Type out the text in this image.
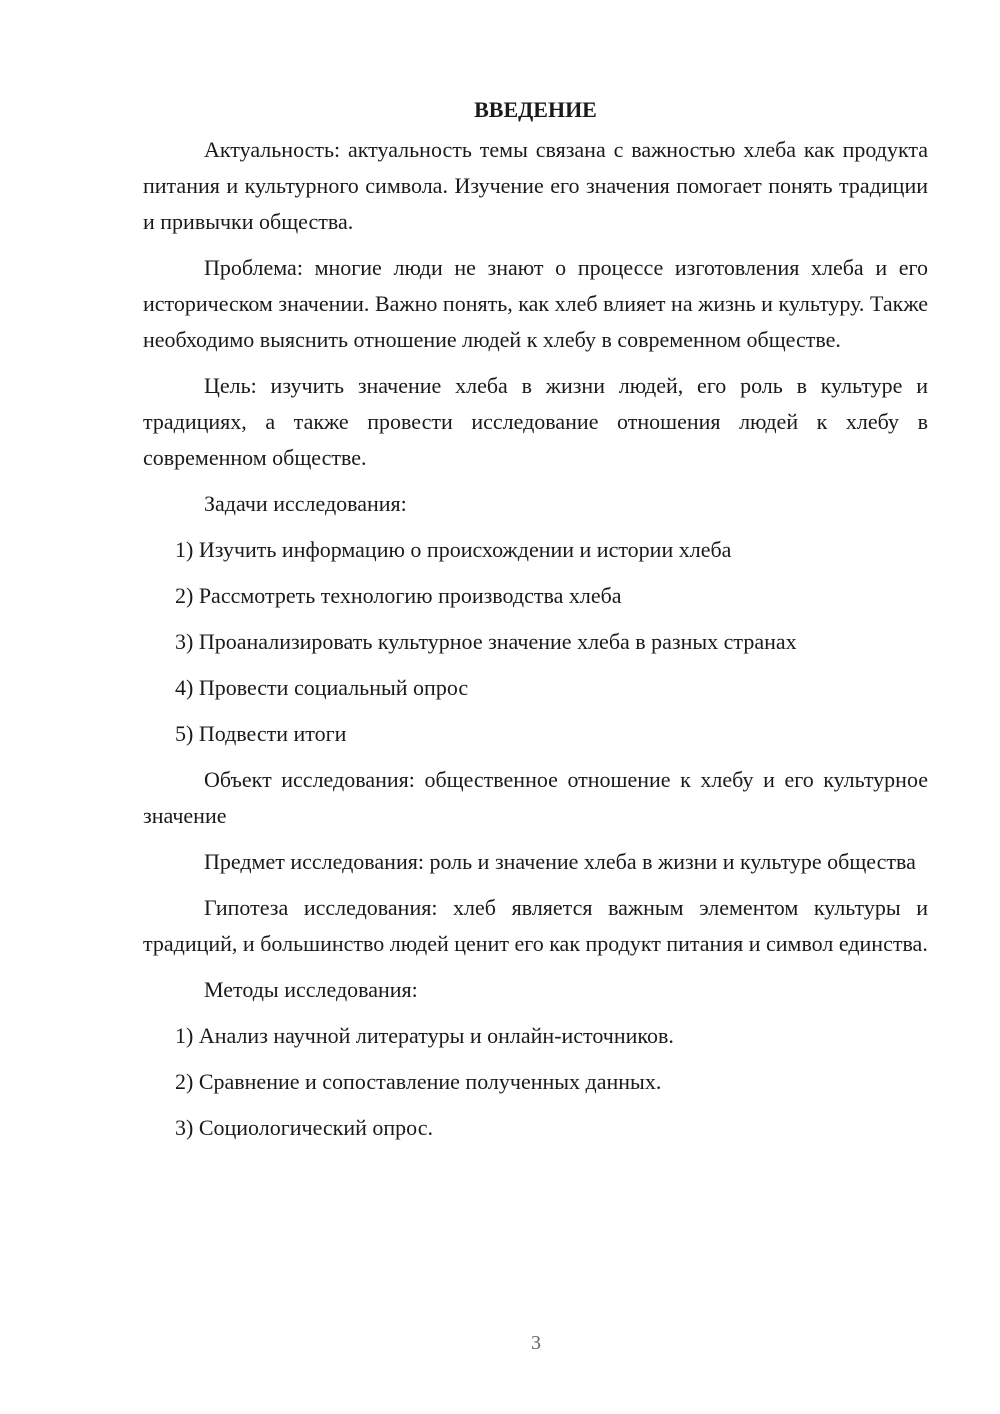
ВВЕДЕНИЕ

Актуальность: актуальность темы связана с важностью хлеба как продукта питания и культурного символа. Изучение его значения помогает понять традиции и привычки общества.

Проблема: многие люди не знают о процессе изготовления хлеба и его историческом значении. Важно понять, как хлеб влияет на жизнь и культуру. Также необходимо выяснить отношение людей к хлебу в современном обществе.

Цель: изучить значение хлеба в жизни людей, его роль в культуре и традициях, а также провести исследование отношения людей к хлебу в современном обществе.

Задачи исследования:

1) Изучить информацию о происхождении и истории хлеба

2) Рассмотреть технологию производства хлеба

3) Проанализировать культурное значение хлеба в разных странах

4) Провести социальный опрос

5) Подвести итоги

Объект исследования: общественное отношение к хлебу и его культурное значение

Предмет исследования: роль и значение хлеба в жизни и культуре общества

Гипотеза исследования: хлеб является важным элементом культуры и традиций, и большинство людей ценит его как продукт питания и символ единства.

Методы исследования:

1) Анализ научной литературы и онлайн-источников.

2) Сравнение и сопоставление полученных данных.

3) Социологический опрос.

3
